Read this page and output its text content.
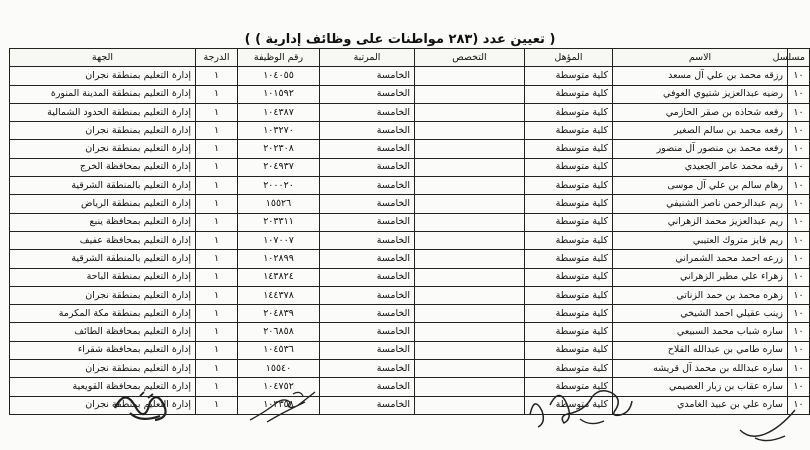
( تعيين عدد (٢٨٣ مواطنات على وظائف إدارية ) )
مسلسل	الاسم	المؤهل	التخصص	المرتبة	رقم الوظيفة	الدرجة	الجهة
١٠	رزقه محمد بن علي آل مسعد	كلية متوسطة		الخامسة	١٠٤٠٥٥	١	إدارة التعليم بمنطقة نجران
١٠	رضيه عبدالعزيز شتيوي العوفي	كلية متوسطة		الخامسة	١٠١٥٩٢	١	إدارة التعليم بمنطقة المدينة المنورة
١٠	رفعه شحاذه بن صقر الحازمي	كلية متوسطة		الخامسة	١٠٤٣٨٧	١	إدارة التعليم بمنطقة الحدود الشمالية
١٠	رفعه محمد بن سالم الصغير	كلية متوسطة		الخامسة	١٠٣٢٧٠	١	إدارة التعليم بمنطقة نجران
١٠	رفعه محمد بن منصور آل منصور	كلية متوسطة		الخامسة	٢٠٢٣٠٨	١	إدارة التعليم بمنطقة نجران
١٠	رقيه محمد عامر الجعيدي	كلية متوسطة		الخامسة	٢٠٤٩٣٧	١	إدارة التعليم بمحافظة الخرج
١٠	رهام سالم بن علي آل موسى	كلية متوسطة		الخامسة	٢٠٠٠٢٠	١	إدارة التعليم بالمنطقة الشرقية
١٠	ريم عبدالرحمن ناصر الشنيفي	كلية متوسطة		الخامسة	١٥٥٢٦	١	إدارة التعليم بمنطقة الرياض
١٠	ريم عبدالعزيز محمد الزهراني	كلية متوسطة		الخامسة	٢٠٣٣١١	١	إدارة التعليم بمحافظة ينبع
١٠	ريم فايز متروك العتيبي	كلية متوسطة		الخامسة	١٠٧٠٠٧	١	إدارة التعليم بمحافظة عفيف
١٠	زرعه احمد محمد الشمراني	كلية متوسطة		الخامسة	١٠٢٨٩٩	١	إدارة التعليم بالمنطقة الشرقية
١٠	زهراء علي مطير الزهراني	كلية متوسطة		الخامسة	١٤٣٨٢٤	١	إدارة التعليم بمنطقة الباحة
١٠	زهره محمد بن حمد الزناتي	كلية متوسطة		الخامسة	١٤٤٣٧٨	١	إدارة التعليم بمنطقة نجران
١٠	زينب عقيلي احمد الشيخي	كلية متوسطة		الخامسة	٢٠٤٨٣٩	١	إدارة التعليم بمنطقة مكة المكرمة
١٠	ساره شباب محمد السبيعي	كلية متوسطة		الخامسة	٢٠٦٨٥٨	١	إدارة التعليم بمحافظة الطائف
١٠	ساره طامي بن عبدالله القلاح	كلية متوسطة		الخامسة	١٠٤٥٣٦	١	إدارة التعليم بمحافظة شقراء
١٠	ساره عبدالله بن محمد آل قريشه	كلية متوسطة		الخامسة	١٥٥٤٠	١	إدارة التعليم بمنطقة نجران
١٠	ساره عقاب بن زبار العصيمي	كلية متوسطة		الخامسة	١٠٤٧٥٢	١	إدارة التعليم بمحافظة القويعية
١٠	ساره علي بن عبيد الغامدي	كلية متوسطة		الخامسة	١٠٣٣٥٨	١	إدارة التعليم بمنطقة نجران
